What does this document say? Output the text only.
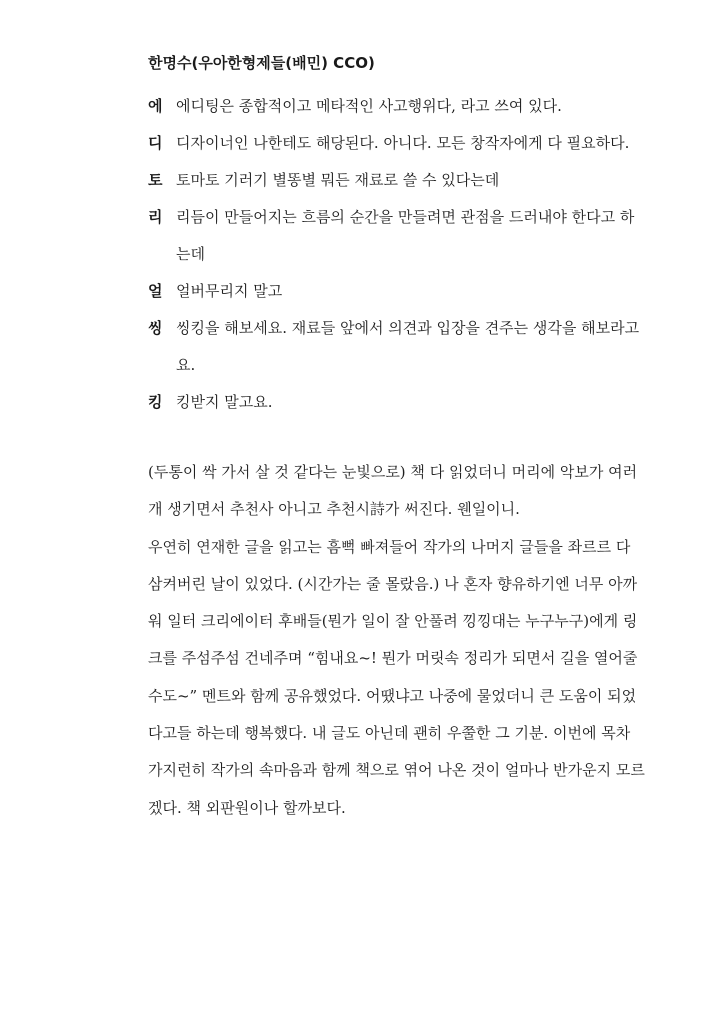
한명수(우아한형제들(배민) CCO)
에 에디팅은 종합적이고 메타적인 사고행위다, 라고 쓰여 있다.
디 디자이너인 나한테도 해당된다. 아니다. 모든 창작자에게 다 필요하다.
토 토마토 기러기 별똥별 뭐든 재료로 쓸 수 있다는데
리 리듬이 만들어지는 흐름의 순간을 만들려면 관점을 드러내야 한다고 하는데
얼 얼버무리지 말고
씽 씽킹을 해보세요. 재료들 앞에서 의견과 입장을 견주는 생각을 해보라고요.
킹 킹받지 말고요.

(두통이 싹 가서 살 것 같다는 눈빛으로) 책 다 읽었더니 머리에 악보가 여러 개 생기면서 추천사 아니고 추천시詩가 써진다. 웬일이니.

우연히 연재한 글을 읽고는 흠뻑 빠져들어 작가의 나머지 글들을 좌르르 다 삼켜버린 날이 있었다. (시간가는 줄 몰랐음.) 나 혼자 향유하기엔 너무 아까워 일터 크리에이터 후배들(뭔가 일이 잘 안풀려 낑낑대는 누구누구)에게 링크를 주섬주섬 건네주며 “힘내요~! 뭔가 머릿속 정리가 되면서 길을 열어줄 수도~” 멘트와 함께 공유했었다. 어땠냐고 나중에 물었더니 큰 도움이 되었다고들 하는데 행복했다. 내 글도 아닌데 괜히 우쭐한 그 기분. 이번에 목차 가지런히 작가의 속마음과 함께 책으로 엮어 나온 것이 얼마나 반가운지 모르겠다. 책 외판원이나 할까보다.
